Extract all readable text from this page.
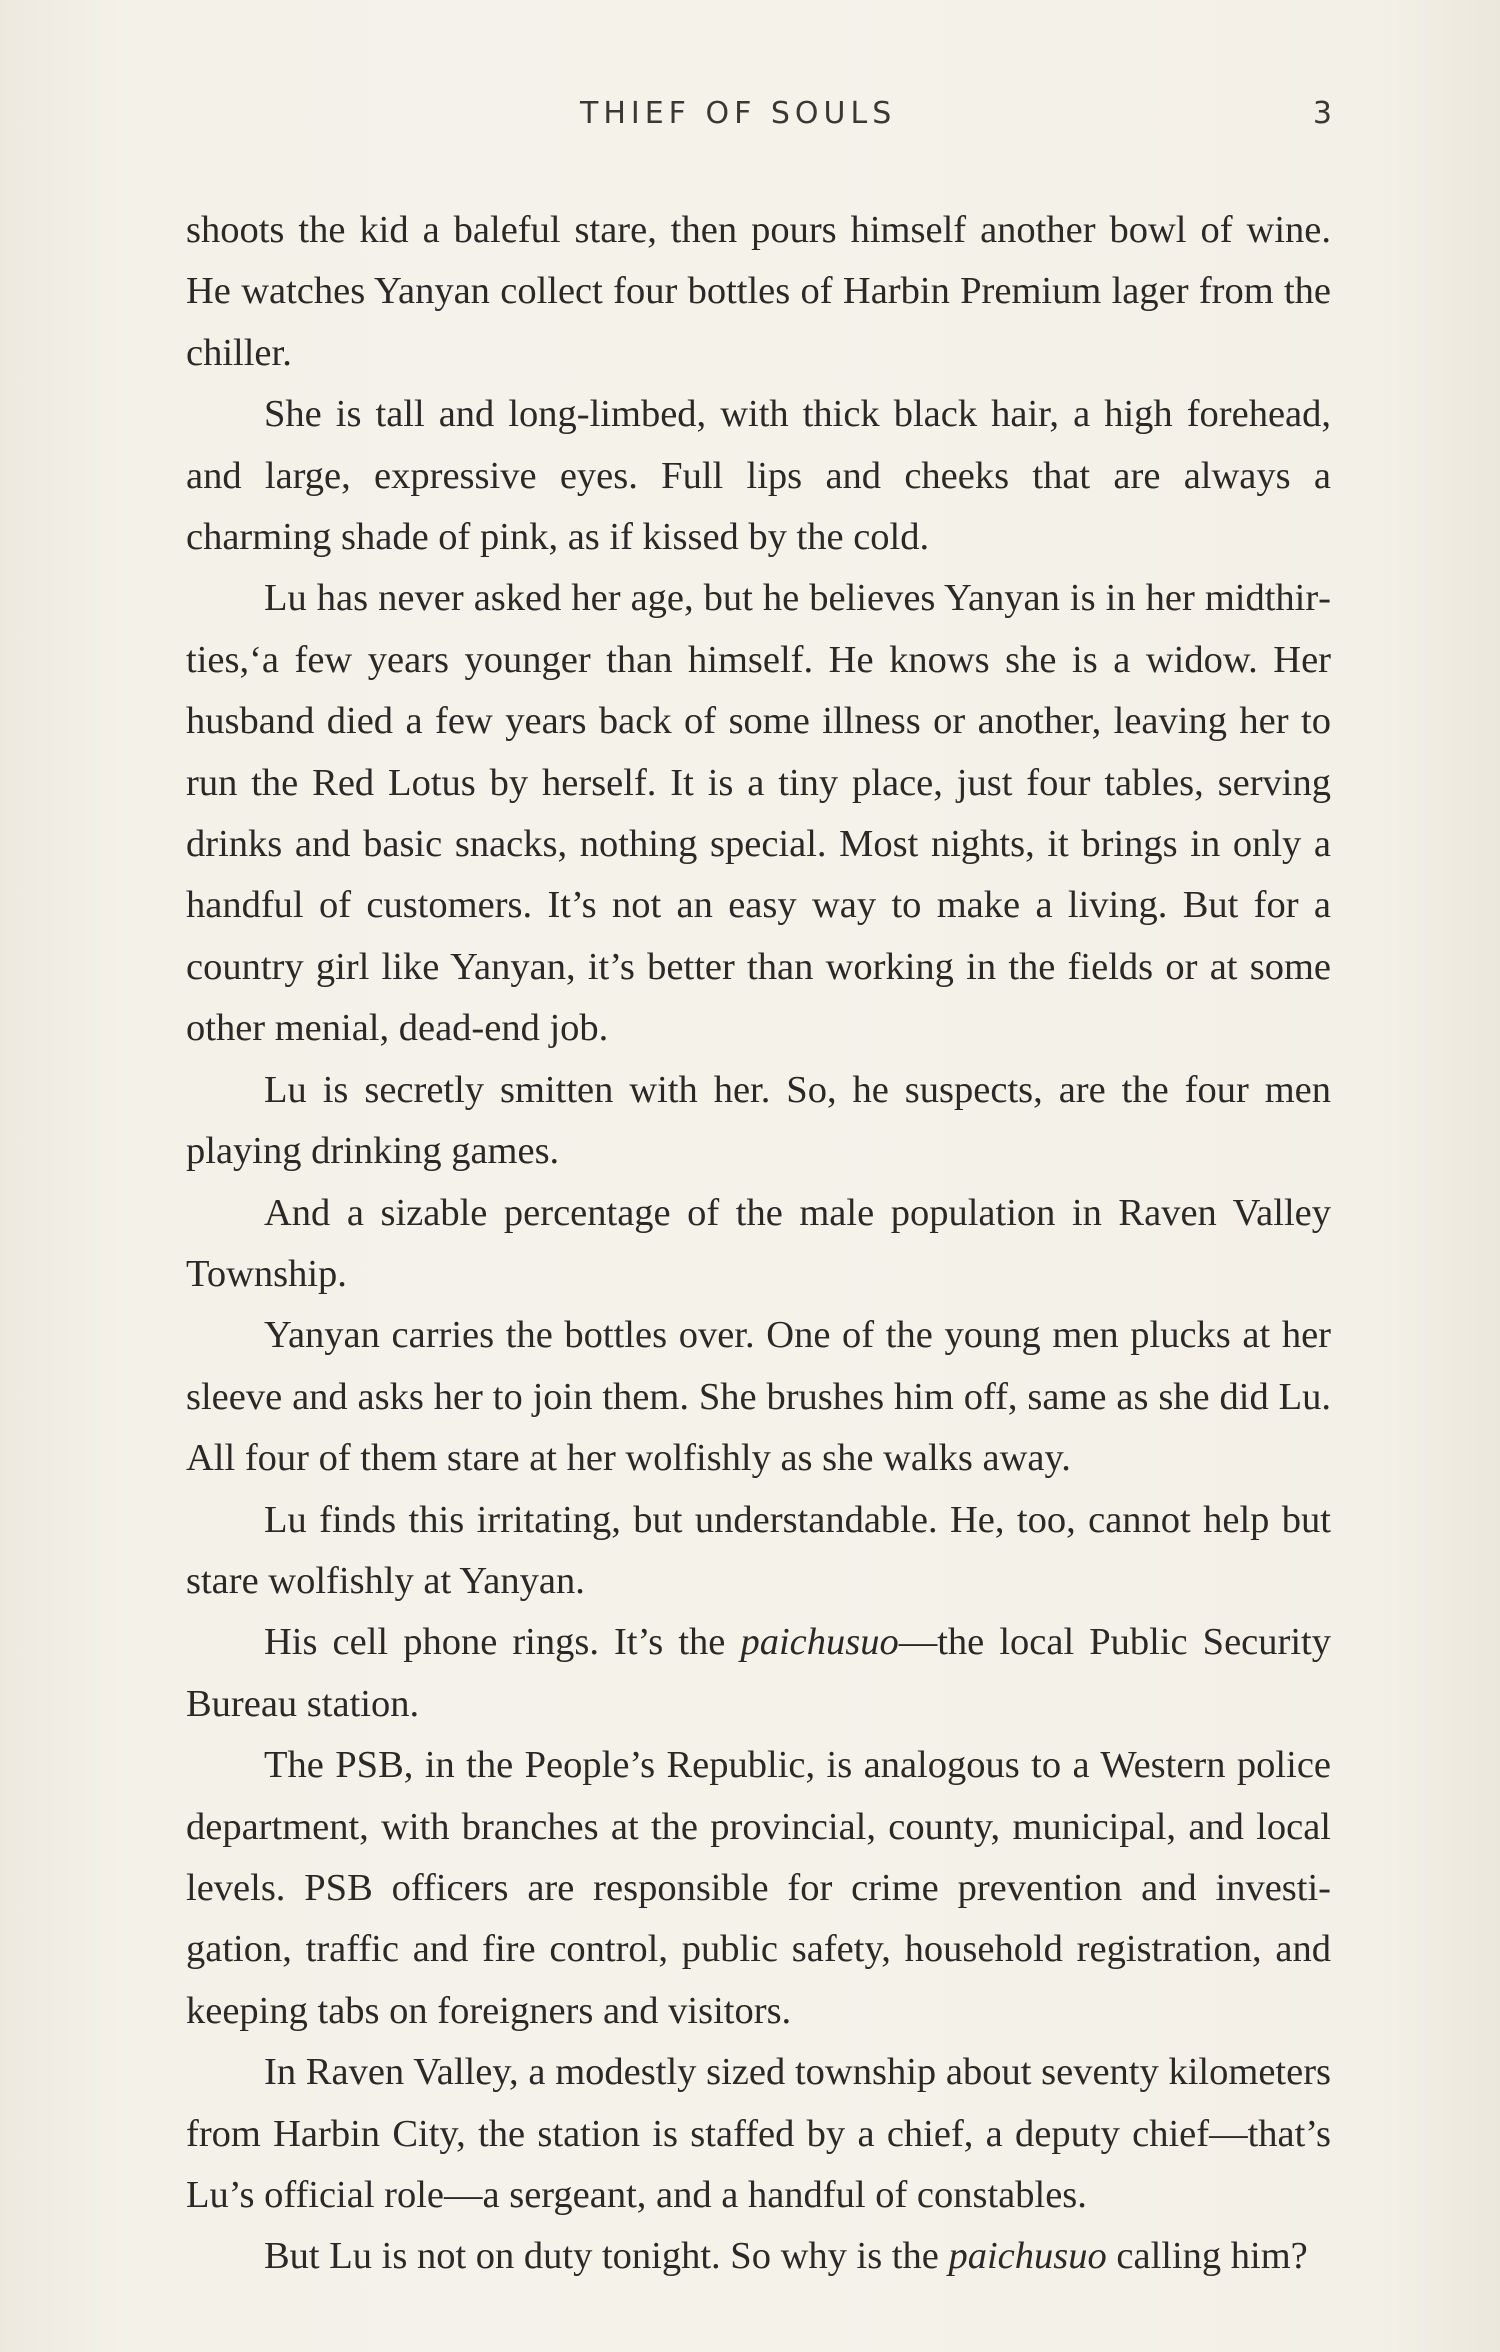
THIEF OF SOULS	3

shoots the kid a baleful stare, then pours himself another bowl of wine. He watches Yanyan collect four bottles of Harbin Premium lager from the chiller.

She is tall and long-limbed, with thick black hair, a high forehead, and large, expressive eyes. Full lips and cheeks that are always a charming shade of pink, as if kissed by the cold.

Lu has never asked her age, but he believes Yanyan is in her midthirties,‘a few years younger than himself. He knows she is a widow. Her husband died a few years back of some illness or another, leaving her to run the Red Lotus by herself. It is a tiny place, just four tables, serving drinks and basic snacks, nothing special. Most nights, it brings in only a handful of customers. It’s not an easy way to make a living. But for a country girl like Yanyan, it’s better than working in the fields or at some other menial, dead-end job.

Lu is secretly smitten with her. So, he suspects, are the four men playing drinking games.

And a sizable percentage of the male population in Raven Valley Township.

Yanyan carries the bottles over. One of the young men plucks at her sleeve and asks her to join them. She brushes him off, same as she did Lu. All four of them stare at her wolfishly as she walks away.

Lu finds this irritating, but understandable. He, too, cannot help but stare wolfishly at Yanyan.

His cell phone rings. It’s the paichusuo—the local Public Security Bureau station.

The PSB, in the People’s Republic, is analogous to a Western police department, with branches at the provincial, county, municipal, and local levels. PSB officers are responsible for crime prevention and investigation, traffic and fire control, public safety, household registration, and keeping tabs on foreigners and visitors.

In Raven Valley, a modestly sized township about seventy kilometers from Harbin City, the station is staffed by a chief, a deputy chief—that’s Lu’s official role—a sergeant, and a handful of constables.

But Lu is not on duty tonight. So why is the paichusuo calling him?
